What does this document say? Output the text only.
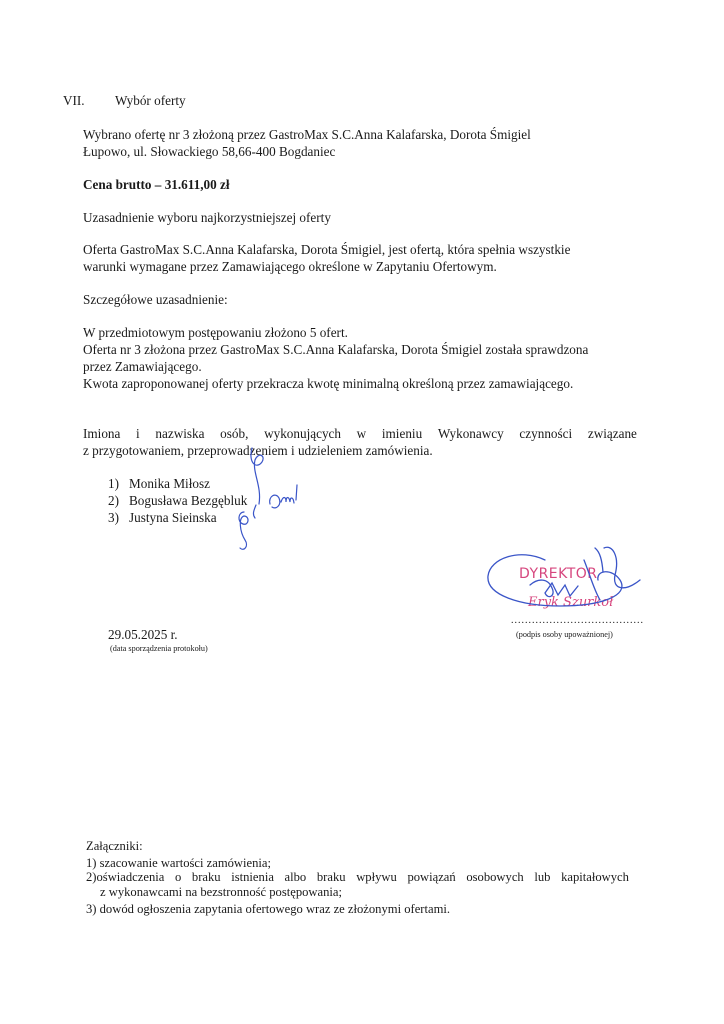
VII. Wybór oferty
Wybrano ofertę nr 3 złożoną przez GastroMax S.C.Anna Kalafarska, Dorota Śmigiel
Łupowo, ul. Słowackiego 58,66-400 Bogdaniec
Cena brutto – 31.611,00 zł
Uzasadnienie wyboru najkorzystniejszej oferty
Oferta GastroMax S.C.Anna Kalafarska, Dorota Śmigiel, jest ofertą, która spełnia wszystkie
warunki wymagane przez Zamawiającego określone w Zapytaniu Ofertowym.
Szczegółowe uzasadnienie:
W przedmiotowym postępowaniu złożono 5 ofert.
Oferta nr 3 złożona przez GastroMax S.C.Anna Kalafarska, Dorota Śmigiel została sprawdzona
przez Zamawiającego.
Kwota zaproponowanej oferty przekracza kwotę minimalną określoną przez zamawiającego.
Imiona i nazwiska osób, wykonujących w imieniu Wykonawcy czynności związane
z przygotowaniem, przeprowadzeniem i udzieleniem zamówienia.
1) Monika Miłosz
2) Bogusława Bezgębluk
3) Justyna Sieinska
29.05.2025 r.
(data sporządzenia protokołu)
DYREKTOR
Eryk Szurkoł
......................................
(podpis osoby upoważnionej)
Załączniki:
1) szacowanie wartości zamówienia;
2)oświadczenia o braku istnienia albo braku wpływu powiązań osobowych lub kapitałowych
z wykonawcami na bezstronność postępowania;
3) dowód ogłoszenia zapytania ofertowego wraz ze złożonymi ofertami.
